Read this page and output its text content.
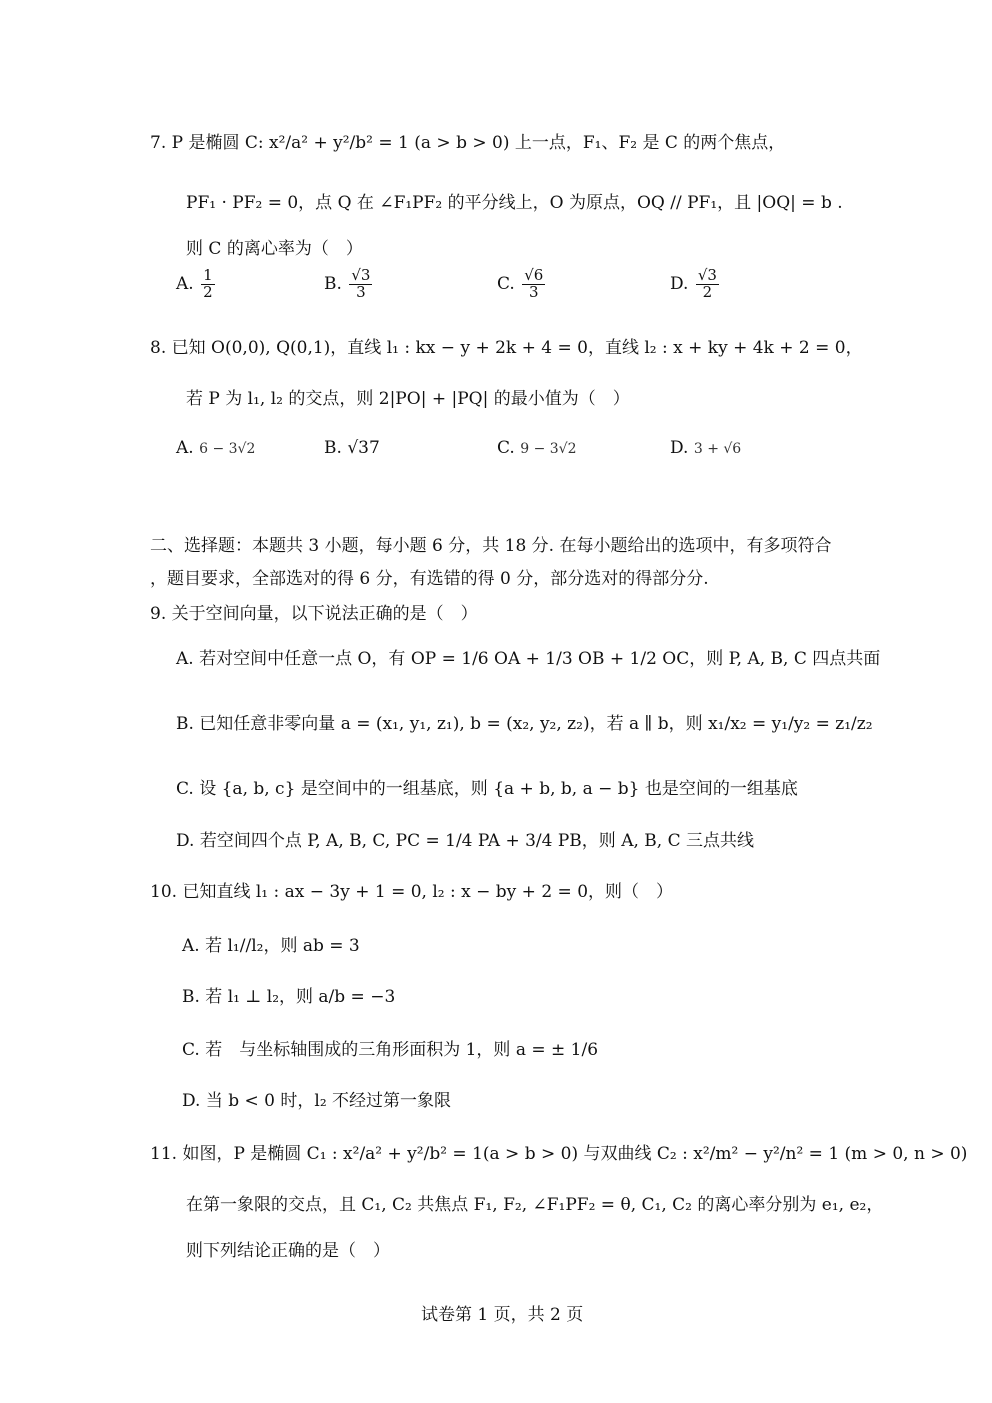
7. P 是椭圆 C: x²/a² + y²/b² = 1 (a > b > 0) 上一点，F₁、F₂ 是 C 的两个焦点，
PF₁ · PF₂ = 0，点 Q 在 ∠F₁PF₂ 的平分线上，O 为原点，OQ // PF₁，且 |OQ| = b .
则 C 的离心率为（　）
A. $\frac{1}{2}$	B. $\frac{√3}{3}$	C. $\frac{√6}{3}$	D. $\frac{√3}{2}$
8. 已知 O(0,0), Q(0,1)，直线 l₁ : kx − y + 2k + 4 = 0，直线 l₂ : x + ky + 4k + 2 = 0，
若 P 为 l₁, l₂ 的交点，则 2|PO| + |PQ| 的最小值为（　）
A. 6 − 3√2	B. √37	C. 9 − 3√2	D. 3 + √6
二、选择题：本题共 3 小题，每小题 6 分，共 18 分. 在每小题给出的选项中，有多项符合
，题目要求，全部选对的得 6 分，有选错的得 0 分，部分选对的得部分分.
9. 关于空间向量，以下说法正确的是（　）
A. 若对空间中任意一点 O，有 OP = 1/6 OA + 1/3 OB + 1/2 OC，则 P, A, B, C 四点共面
B. 已知任意非零向量 a = (x₁, y₁, z₁), b = (x₂, y₂, z₂)，若 a ∥ b，则 x₁/x₂ = y₁/y₂ = z₁/z₂
C. 设 {a, b, c} 是空间中的一组基底，则 {a + b, b, a − b} 也是空间的一组基底
D. 若空间四个点 P, A, B, C, PC = 1/4 PA + 3/4 PB，则 A, B, C 三点共线
10. 已知直线 l₁ : ax − 3y + 1 = 0, l₂ : x − by + 2 = 0，则（　）
A. 若 l₁//l₂，则 ab = 3
B. 若 l₁ ⊥ l₂，则 a/b = −3
C. 若　与坐标轴围成的三角形面积为 1，则 a = ± 1/6
D. 当 b < 0 时，l₂ 不经过第一象限
11. 如图，P 是椭圆 C₁ : x²/a² + y²/b² = 1(a > b > 0) 与双曲线 C₂ : x²/m² − y²/n² = 1 (m > 0, n > 0)
在第一象限的交点，且 C₁, C₂ 共焦点 F₁, F₂, ∠F₁PF₂ = θ, C₁, C₂ 的离心率分别为 e₁, e₂，
则下列结论正确的是（　）
试卷第 1 页，共 2 页
